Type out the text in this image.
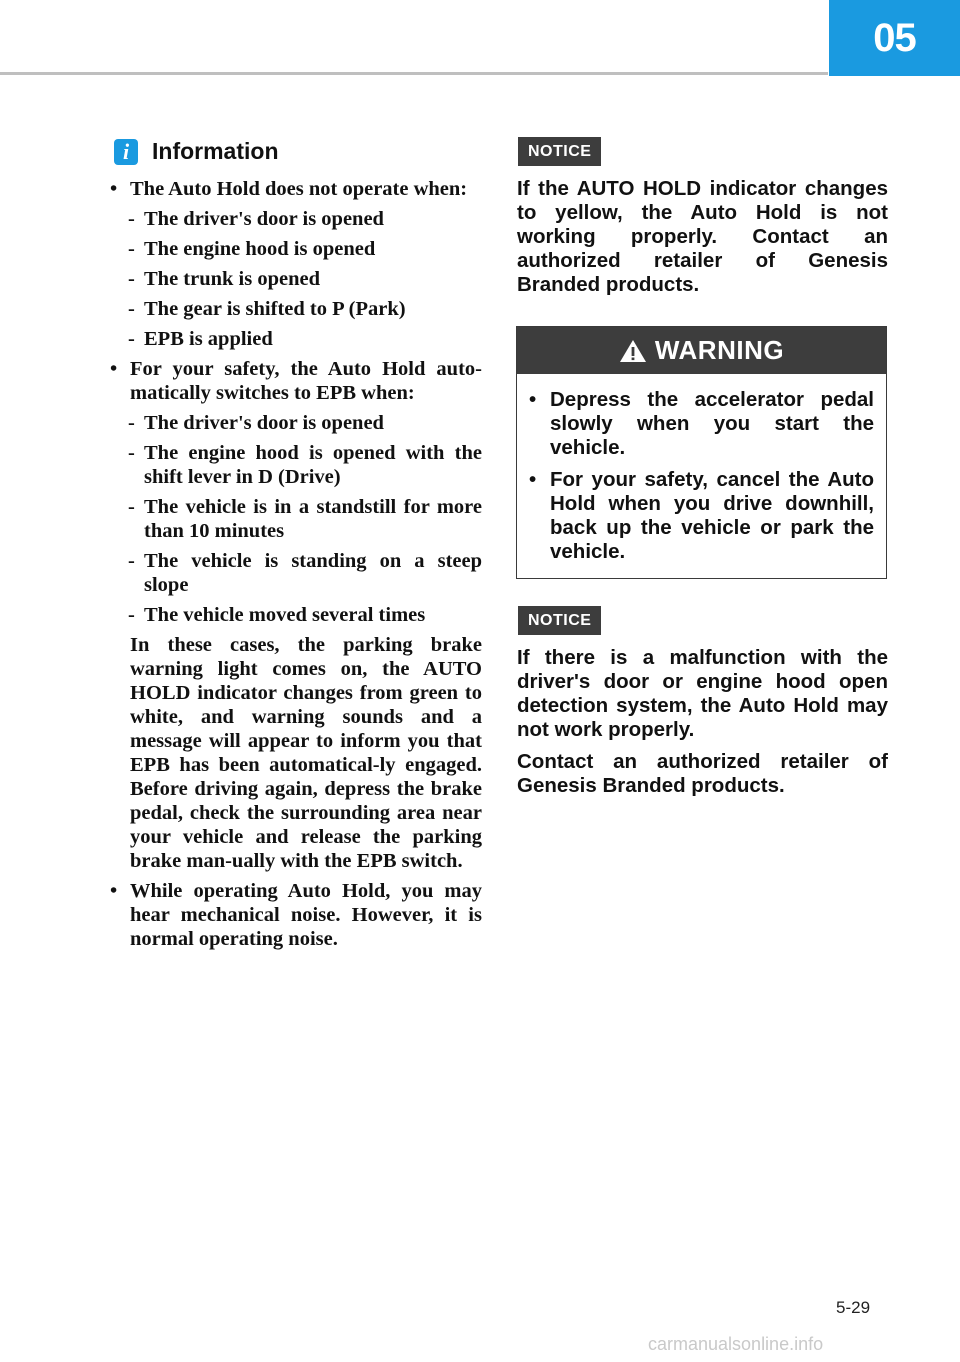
05
i Information
• The Auto Hold does not operate when:
- The driver's door is opened
- The engine hood is opened
- The trunk is opened
- The gear is shifted to P (Park)
- EPB is applied
• For your safety, the Auto Hold auto-matically switches to EPB when:
- The driver's door is opened
- The engine hood is opened with the shift lever in D (Drive)
- The vehicle is in a standstill for more than 10 minutes
- The vehicle is standing on a steep slope
- The vehicle moved several times
In these cases, the parking brake warning light comes on, the AUTO HOLD indicator changes from green to white, and warning sounds and a message will appear to inform you that EPB has been automatical-ly engaged. Before driving again, depress the brake pedal, check the surrounding area near your vehicle and release the parking brake man-ually with the EPB switch.
• While operating Auto Hold, you may hear mechanical noise. However, it is normal operating noise.
NOTICE

If the AUTO HOLD indicator changes to yellow, the Auto Hold is not working properly. Contact an authorized retailer of Genesis Branded products.

WARNING
• Depress the accelerator pedal slowly when you start the vehicle.
• For your safety, cancel the Auto Hold when you drive downhill, back up the vehicle or park the vehicle.
NOTICE

If there is a malfunction with the driver's door or engine hood open detection system, the Auto Hold may not work properly.

Contact an authorized retailer of Genesis Branded products.

5-29
carmanualsonline.info
